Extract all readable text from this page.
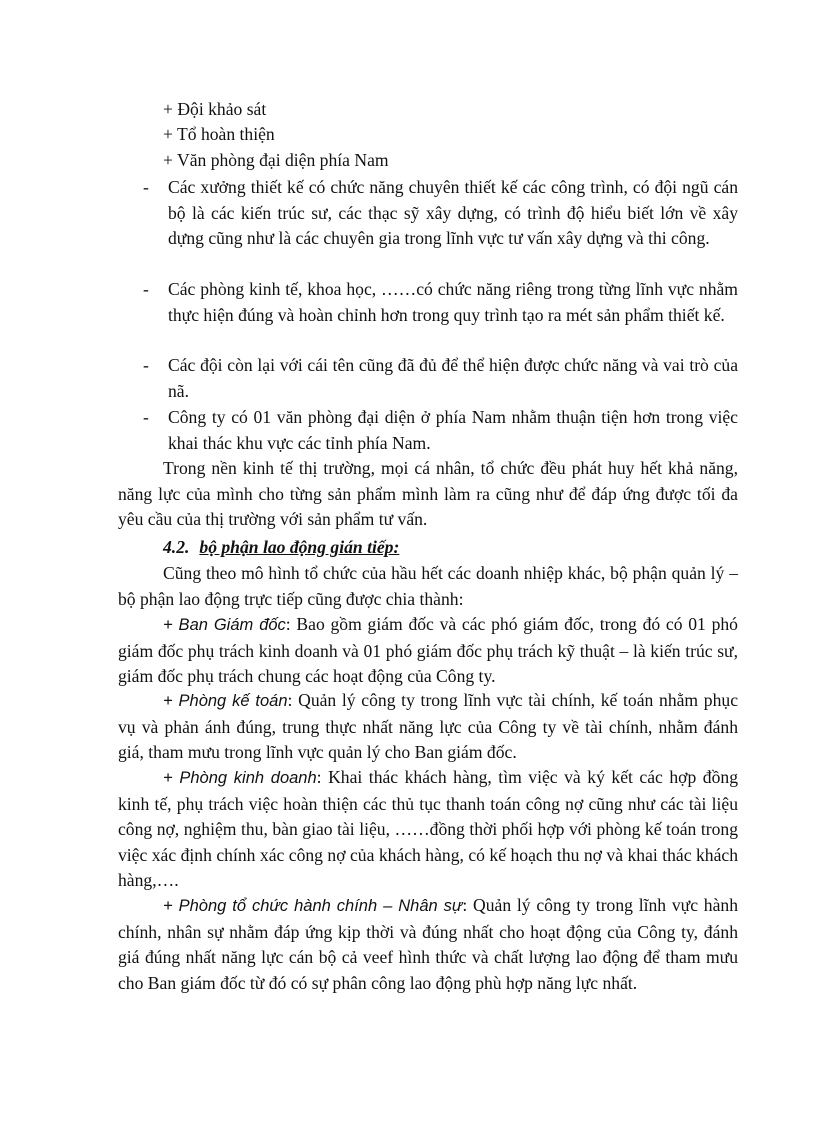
+ Đội khảo sát
+ Tổ hoàn thiện
+ Văn phòng đại diện phía Nam
- Các xưởng thiết kế có chức năng chuyên thiết kế các công trình, có đội ngũ cán bộ là các kiến trúc sư, các thạc sỹ xây dựng, có trình độ hiểu biết lớn về xây dựng cũng như là các chuyên gia trong lĩnh vực tư vấn xây dựng và thi công.
- Các phòng kinh tế, khoa học, ……có chức năng riêng trong từng lĩnh vực nhằm thực hiện đúng và hoàn chỉnh hơn trong quy trình tạo ra mét sản phẩm thiết kế.
- Các đội còn lại với cái tên cũng đã đủ để thể hiện được chức năng và vai trò của nã.
- Công ty có 01 văn phòng đại diện ở phía Nam nhằm thuận tiện hơn trong việc khai thác khu vực các tỉnh phía Nam.
Trong nền kinh tế thị trường, mọi cá nhân, tổ chức đều phát huy hết khả năng, năng lực của mình cho từng sản phẩm mình làm ra cũng như để đáp ứng được tối đa yêu cầu của thị trường với sản phẩm tư vấn.
4.2. bộ phận lao động gián tiếp:
Cũng theo mô hình tổ chức của hầu hết các doanh nhiệp khác, bộ phận quản lý – bộ phận lao động trực tiếp cũng được chia thành:
+ Ban Giám đốc: Bao gồm giám đốc và các phó giám đốc, trong đó có 01 phó giám đốc phụ trách kinh doanh và 01 phó giám đốc phụ trách kỹ thuật – là kiến trúc sư, giám đốc phụ trách chung các hoạt động của Công ty.
+ Phòng kế toán: Quản lý công ty trong lĩnh vực tài chính, kế toán nhằm phục vụ và phản ánh đúng, trung thực nhất năng lực của Công ty về tài chính, nhằm đánh giá, tham mưu trong lĩnh vực quản lý cho Ban giám đốc.
+ Phòng kinh doanh: Khai thác khách hàng, tìm việc và ký kết các hợp đồng kinh tế, phụ trách việc hoàn thiện các thủ tục thanh toán công nợ cũng như các tài liệu công nợ, nghiệm thu, bàn giao tài liệu, ……đồng thời phối hợp với phòng kế toán trong việc xác định chính xác công nợ của khách hàng, có kế hoạch thu nợ và khai thác khách hàng,….
+ Phòng tổ chức hành chính – Nhân sự: Quản lý công ty trong lĩnh vực hành chính, nhân sự nhằm đáp ứng kịp thời và đúng nhất cho hoạt động của Công ty, đánh giá đúng nhất năng lực cán bộ cả veef hình thức và chất lượng lao động để tham mưu cho Ban giám đốc từ đó có sự phân công lao động phù hợp năng lực nhất.
